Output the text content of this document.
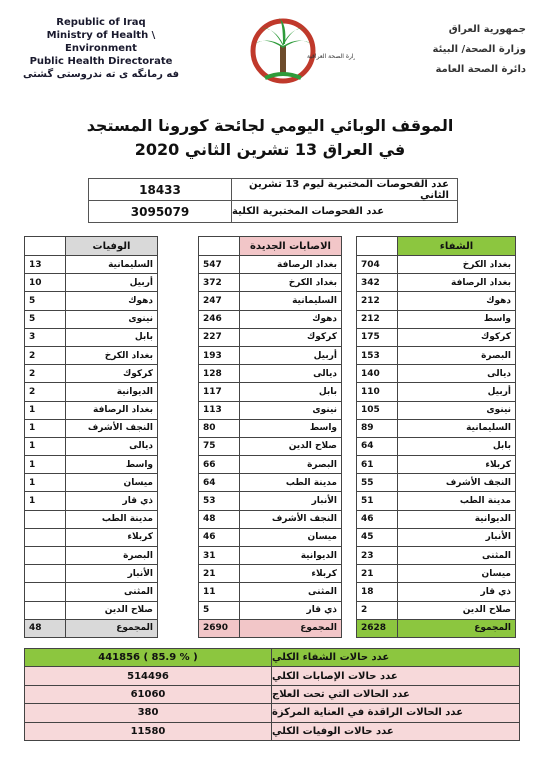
Republic of Iraq
Ministry of Health \ Environment
Public Health Directorate
فه رمانگه ى ته ندروستى گشتى
وزارة الصحة العراقية
جمهورية العراق
وزارة الصحة/ البيئة
دائرة الصحة العامة
الموقف الوبائي اليومي لجائحة كورونا المستجد
في العراق 13 تشرين الثاني 2020
18433	عدد الفحوصات المختبرية ليوم 13 تشرين الثاني
3095079	عدد الفحوصات المختبرية الكلية
	الوفيات
13	السليمانية
10	أربيل
5	دهوك
5	نينوى
3	بابل
2	بغداد الكرخ
2	كركوك
2	الديوانية
1	بغداد الرصافة
1	النجف الأشرف
1	ديالى
1	واسط
1	ميسان
1	ذي قار
	مدينة الطب
	كربلاء
	البصرة
	الأنبار
	المثنى
	صلاح الدين
48	المجموع
	الاصابات الجديدة
547	بغداد الرصافة
372	بغداد الكرخ
247	السليمانية
246	دهوك
227	كركوك
193	أربيل
128	ديالى
117	بابل
113	نينوى
80	واسط
75	صلاح الدين
66	البصرة
64	مدينة الطب
53	الأنبار
48	النجف الأشرف
46	ميسان
31	الديوانية
21	كربلاء
11	المثنى
5	ذي قار
2690	المجموع
	الشفاء
704	بغداد الكرخ
342	بغداد الرصافة
212	دهوك
212	واسط
175	كركوك
153	البصرة
140	ديالى
110	أربيل
105	نينوى
89	السليمانية
64	بابل
61	كربلاء
55	النجف الأشرف
51	مدينة الطب
46	الديوانية
45	الأنبار
23	المثنى
21	ميسان
18	ذي قار
2	صلاح الدين
2628	المجموع
441856 ( 85.9 % )	عدد حالات الشفاء الكلي
514496	عدد حالات الإصابات الكلي
61060	عدد الحالات التي تحت العلاج
380	عدد الحالات الراقدة في العناية المركزة
11580	عدد حالات الوفيات الكلي
